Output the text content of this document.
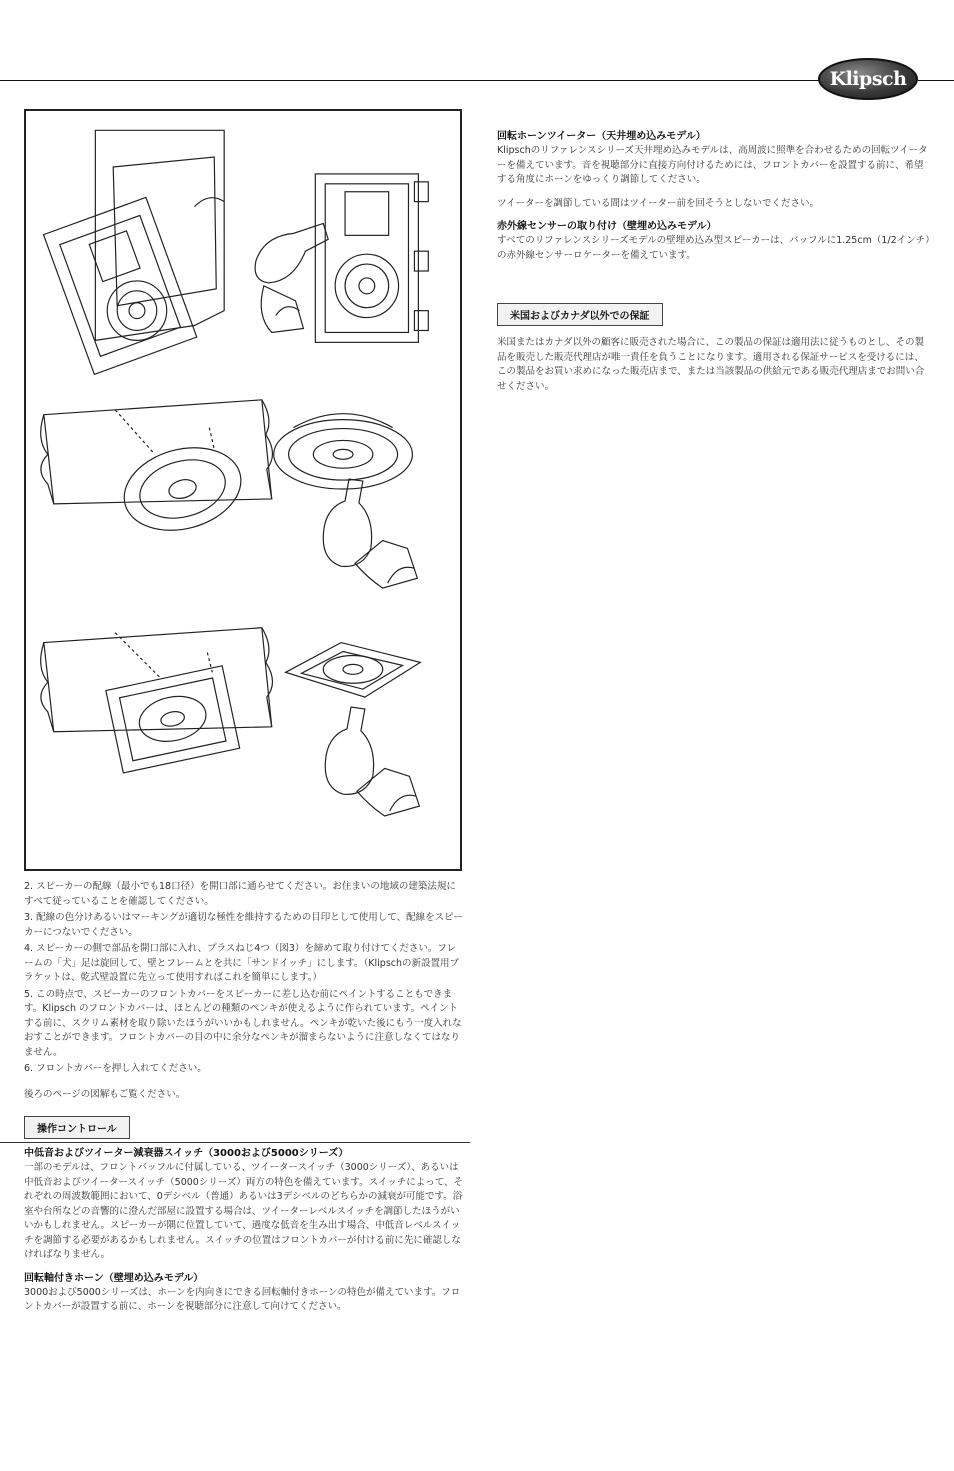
Klipsch

2. スピーカーの配線（最小でも18口径）を開口部に通らせてください。お住まいの地域の建築法規にすべて従っていることを確認してください。

3. 配線の色分けあるいはマーキングが適切な極性を維持するための目印として使用して、配線をスピーカーにつないでください。

4. スピーカーの側で部品を開口部に入れ、プラスねじ4つ（図3）を締めて取り付けてください。フレームの「犬」足は旋回して、壁とフレームとを共に「サンドイッチ」にします。（Klipschの新設置用ブラケットは、乾式壁設置に先立って使用すればこれを簡単にします。）

5. この時点で、スピーカーのフロントカバーをスピーカーに差し込む前にペイントすることもできます。Klipsch のフロントカバーは、ほとんどの種類のペンキが使えるように作られています。ペイントする前に、スクリム素材を取り除いたほうがいいかもしれません。ペンキが乾いた後にもう一度入れなおすことができます。フロントカバーの目の中に余分なペンキが溜まらないように注意しなくてはなりません。

6. フロントカバーを押し入れてください。

後ろのページの図解もご覧ください。

操作コントロール

中低音およびツイーター減衰器スイッチ（3000および5000シリーズ）

一部のモデルは、フロントバッフルに付属している、ツイータースイッチ（3000シリーズ）、あるいは中低音およびツイータースイッチ（5000シリーズ）両方の特色を備えています。スイッチによって、それぞれの周波数範囲において、0デシベル（普通）あるいは3デシベルのどちらかの減衰が可能です。浴室や台所などの音響的に澄んだ部屋に設置する場合は、ツイーターレベルスイッチを調節したほうがいいかもしれません。スピーカーが隅に位置していて、過度な低音を生み出す場合、中低音レベルスイッチを調節する必要があるかもしれません。スイッチの位置はフロントカバーが付ける前に先に確認しなければなりません。

回転軸付きホーン（壁埋め込みモデル）

3000および5000シリーズは、ホーンを内向きにできる回転軸付きホーンの特色が備えています。フロントカバーが設置する前に、ホーンを視聴部分に注意して向けてください。

回転ホーンツイーター（天井埋め込みモデル）

Klipschのリファレンスシリーズ天井埋め込みモデルは、高周波に照準を合わせるための回転ツイーターを備えています。音を視聴部分に直接方向付けるためには、フロントカバーを設置する前に、希望する角度にホーンをゆっくり調節してください。

ツイーターを調節している間はツイーター前を回そうとしないでください。

赤外線センサーの取り付け（壁埋め込みモデル）

すべてのリファレンスシリーズモデルの壁埋め込み型スピーカーは、バッフルに1.25cm（1/2インチ）の赤外線センサーロケーターを備えています。

米国およびカナダ以外での保証

米国またはカナダ以外の顧客に販売された場合に、この製品の保証は適用法に従うものとし、その製品を販売した販売代理店が唯一責任を負うことになります。適用される保証サービスを受けるには、この製品をお買い求めになった販売店まで、または当該製品の供給元である販売代理店までお問い合せください。
